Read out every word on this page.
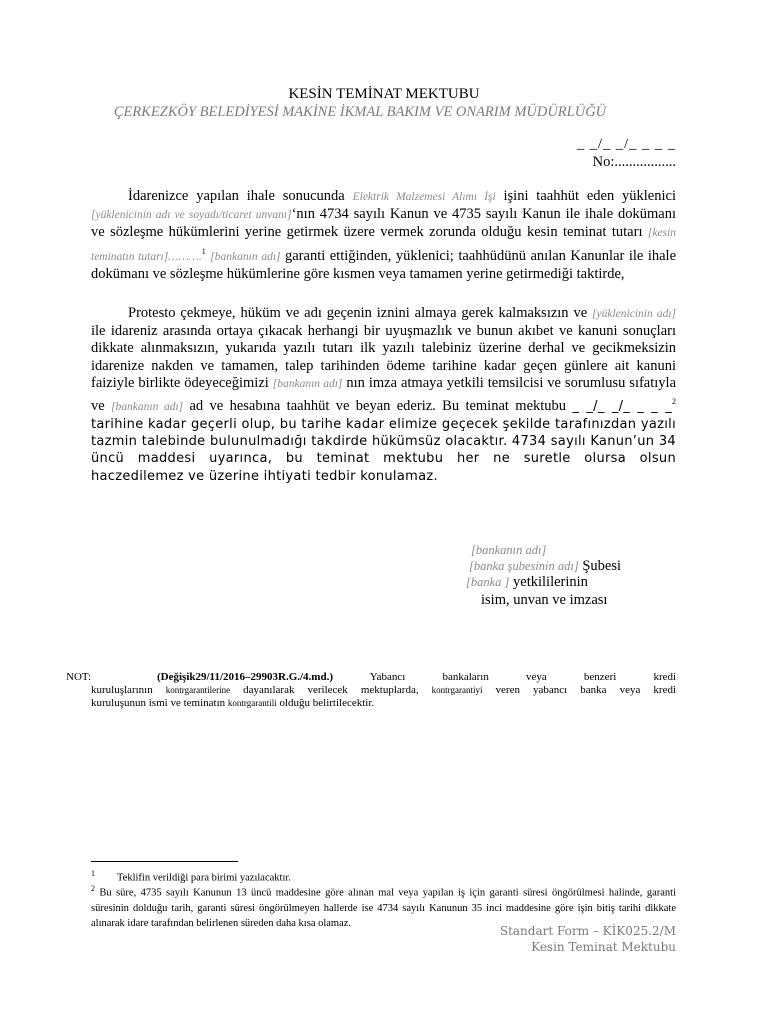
KESİN TEMİNAT MEKTUBU
ÇERKEZKÖY BELEDİYESİ MAKİNE İKMAL BAKIM VE ONARIM MÜDÜRLÜĞÜ
_ _/_ _/_ _ _ _
No:.................
İdarenizce yapılan ihale sonucunda Elektrik Malzemesi Alımı İşi işini taahhüt eden yüklenici [yüklenicinin adı ve soyadı/ticaret unvanı]‘nın 4734 sayılı Kanun ve 4735 sayılı Kanun ile ihale dokümanı ve sözleşme hükümlerini yerine getirmek üzere vermek zorunda olduğu kesin teminat tutarı [kesin teminatın tutarı]……….$^1$ [bankanın adı] garanti ettiğinden, yüklenici; taahhüdünü anılan Kanunlar ile ihale dokümanı ve sözleşme hükümlerine göre kısmen veya tamamen yerine getirmediği taktirde,
Protesto çekmeye, hüküm ve adı geçenin iznini almaya gerek kalmaksızın ve [yüklenicinin adı] ile idareniz arasında ortaya çıkacak herhangi bir uyuşmazlık ve bunun akıbet ve kanuni sonuçları dikkate alınmaksızın, yukarıda yazılı tutarı ilk yazılı talebiniz üzerine derhal ve gecikmeksizin idarenize nakden ve tamamen, talep tarihinden ödeme tarihine kadar geçen günlere ait kanuni faiziyle birlikte ödeyeceğimizi [bankanın adı] nın imza atmaya yetkili temsilcisi ve sorumlusu sıfatıyla ve [bankanın adı] ad ve hesabına taahhüt ve beyan ederiz. Bu teminat mektubu _ _/_ _/_ _ _ _$^2$ tarihine kadar geçerli olup, bu tarihe kadar elimize geçecek şekilde tarafınızdan yazılı tazmin talebinde bulunulmadığı takdirde hükümsüz olacaktır. 4734 sayılı Kanun’un 34 üncü maddesi uyarınca, bu teminat mektubu her ne suretle olursa olsun haczedilemez ve üzerine ihtiyati tedbir konulamaz.
[bankanın adı]
[banka şubesinin adı] Şubesi
[banka ] yetkililerinin
isim, unvan ve imzası
NOT:	(Değişik29/11/2016–29903R.G./4.md.)	Yabancı	bankaların	veya	benzeri	kredi
kuruluşlarının kontrgarantilerine dayanılarak verilecek mektuplarda, kontrgarantiyi veren yabancı banka veya kredi
kuruluşunun ismi ve teminatın kontrgarantili olduğu belirtilecektir.
1 Teklifin verildiği para birimi yazılacaktır.
$^2$ Bu süre, 4735 sayılı Kanunun 13 üncü maddesine göre alınan mal veya yapılan iş için garanti süresi öngörülmesi halinde, garanti süresinin dolduğu tarih, garanti süresi öngörülmeyen hallerde ise 4734 sayılı Kanunun 35 inci maddesine göre işin bitiş tarihi dikkate alınarak idare tarafından belirlenen süreden daha kısa olamaz.
Standart Form – KİK025.2/M
Kesin Teminat Mektubu
